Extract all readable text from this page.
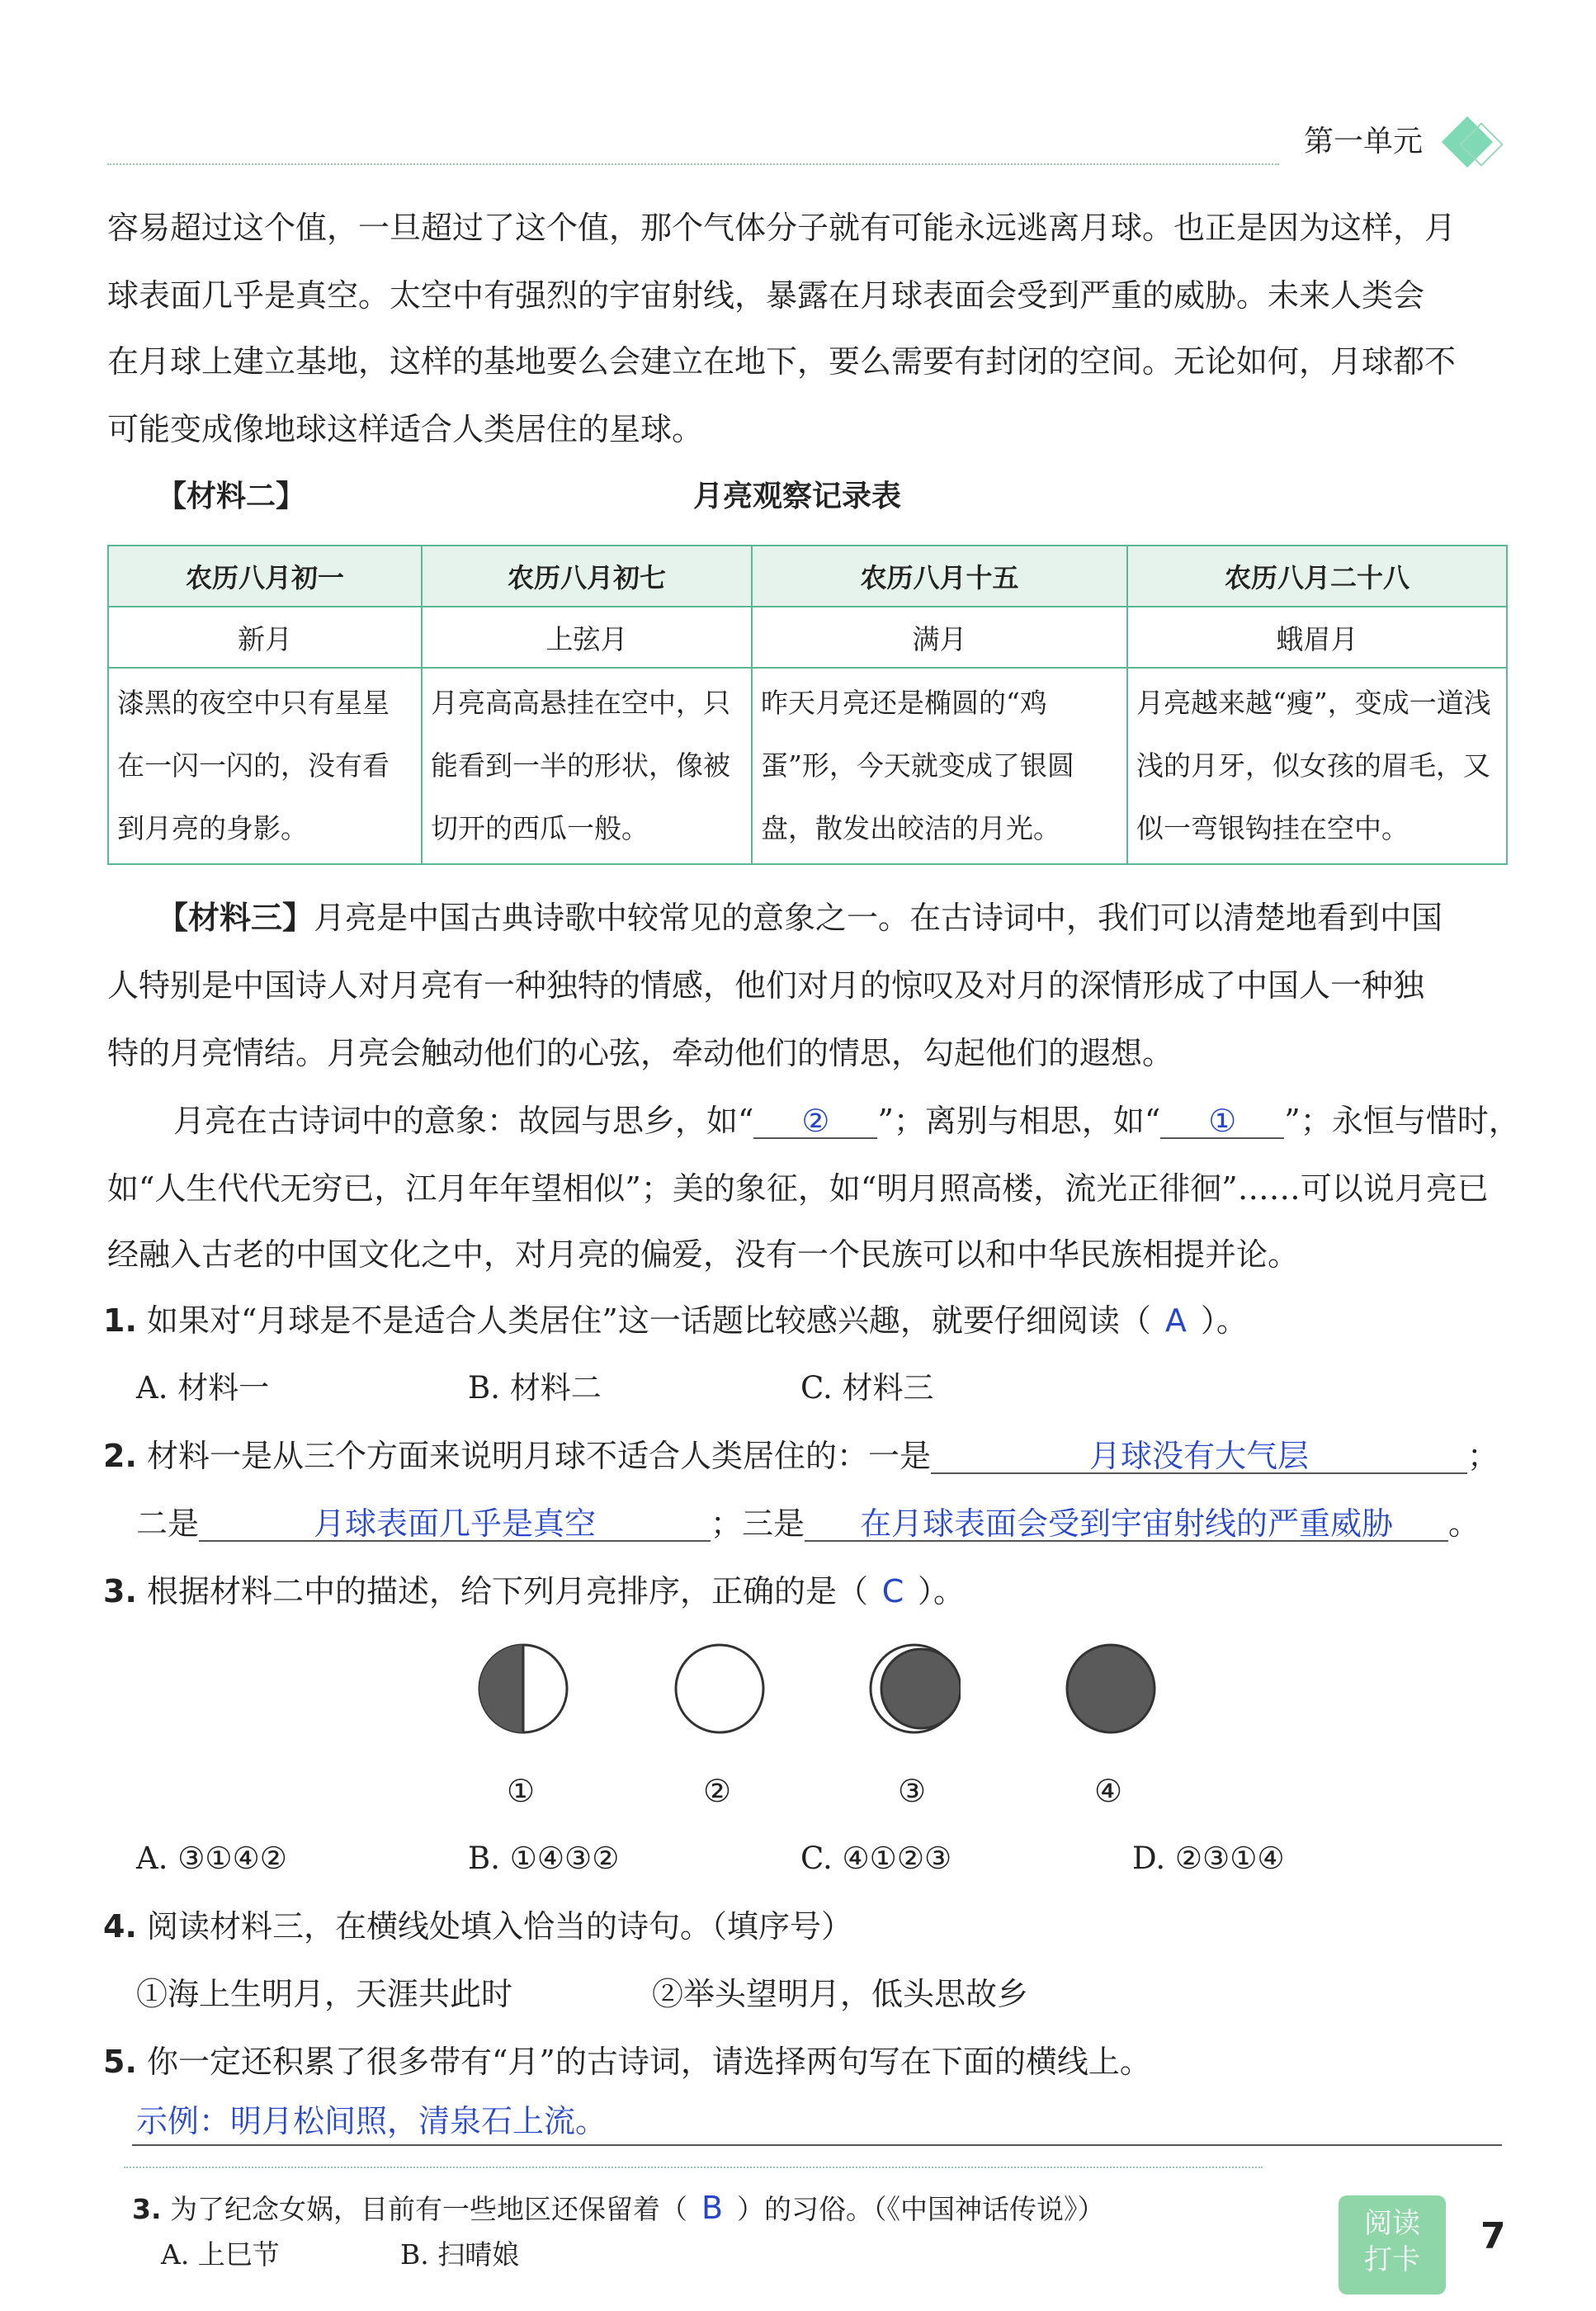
第一单元
容易超过这个值，一旦超过了这个值，那个气体分子就有可能永远逃离月球。也正是因为这样，月
球表面几乎是真空。太空中有强烈的宇宙射线，暴露在月球表面会受到严重的威胁。未来人类会
在月球上建立基地，这样的基地要么会建立在地下，要么需要有封闭的空间。无论如何，月球都不
可能变成像地球这样适合人类居住的星球。
【材料二】	月亮观察记录表
农历八月初一	农历八月初七	农历八月十五	农历八月二十八
新月	上弦月	满月	蛾眉月
漆黑的夜空中只有星星在一闪一闪的，没有看到月亮的身影。	月亮高高悬挂在空中，只能看到一半的形状，像被切开的西瓜一般。	昨天月亮还是椭圆的“鸡蛋”形，今天就变成了银圆盘，散发出皎洁的月光。	月亮越来越“瘦”，变成一道浅浅的月牙，似女孩的眉毛，又似一弯银钩挂在空中。
【材料三】月亮是中国古典诗歌中较常见的意象之一。在古诗词中，我们可以清楚地看到中国
人特别是中国诗人对月亮有一种独特的情感，他们对月的惊叹及对月的深情形成了中国人一种独
特的月亮情结。月亮会触动他们的心弦，牵动他们的情思，勾起他们的遐想。
月亮在古诗词中的意象：故园与思乡，如“ ② ”；离别与相思，如“ ① ”；永恒与惜时，
如“人生代代无穷已，江月年年望相似”；美的象征，如“明月照高楼，流光正徘徊”……可以说月亮已
经融入古老的中国文化之中，对月亮的偏爱，没有一个民族可以和中华民族相提并论。
1. 如果对“月球是不是适合人类居住”这一话题比较感兴趣，就要仔细阅读（ A ）。
A. 材料一	B. 材料二	C. 材料三
2. 材料一是从三个方面来说明月球不适合人类居住的：一是	月球没有大气层	；
二是	月球表面几乎是真空	；三是 在月球表面会受到宇宙射线的严重威胁 。
3. 根据材料二中的描述，给下列月亮排序，正确的是（ C ）。
①	②	③	④
A. ③①④②	B. ①④③②	C. ④①②③	D. ②③①④
4. 阅读材料三，在横线处填入恰当的诗句。（填序号）
①海上生明月，天涯共此时	②举头望明月，低头思故乡
5. 你一定还积累了很多带有“月”的古诗词，请选择两句写在下面的横线上。
示例：明月松间照，清泉石上流。
3. 为了纪念女娲，目前有一些地区还保留着（ B ）的习俗。（《中国神话传说》）
A. 上巳节	B. 扫晴娘
阅读
打卡
7
